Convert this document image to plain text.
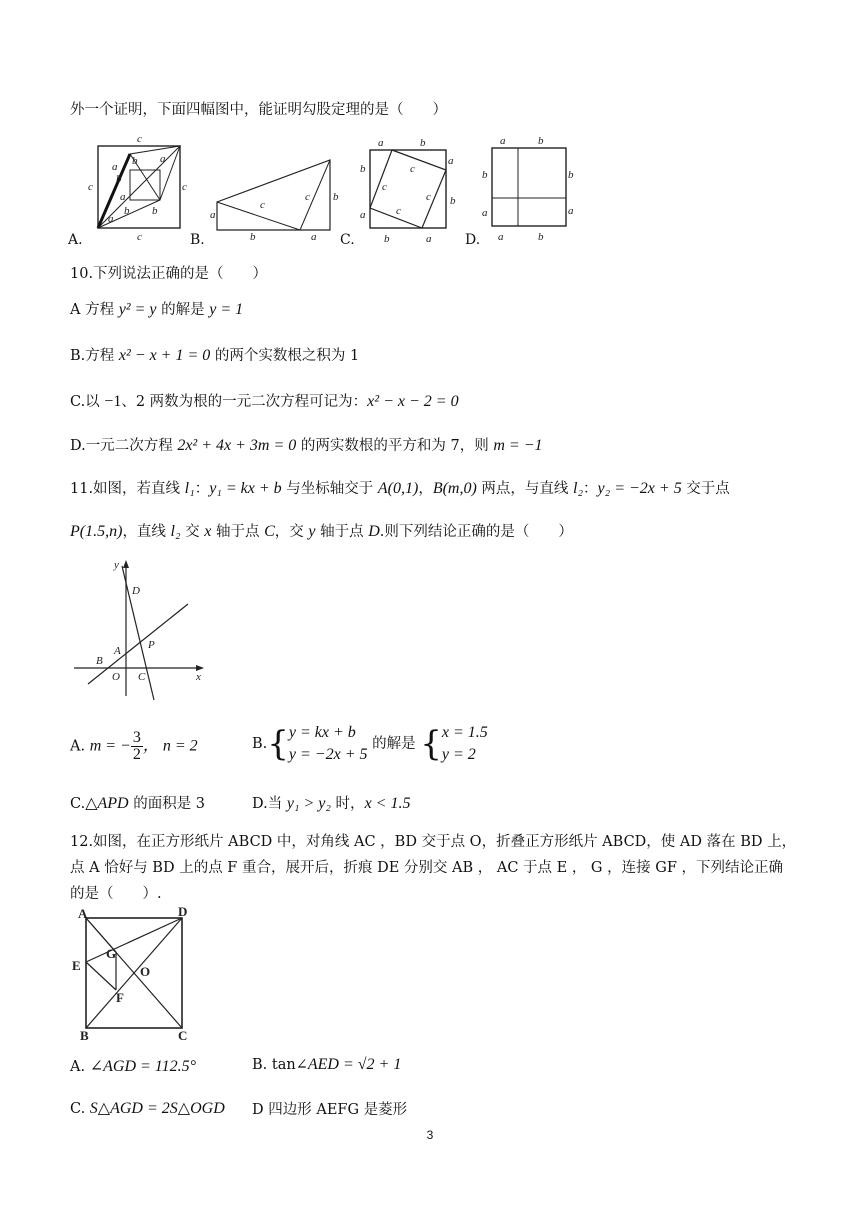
外一个证明，下面四幅图中，能证明勾股定理的是（　　）
A.
c
c	c
c
a b a
b
a
b
a
b
B.
a
c
c b
b	a C.
a	b
a
b
b
a
b	a
c
c
c
c
D.
a	b
b	b
a	a
a	b
10.下列说法正确的是（　　）
A 方程 y² = y 的解是 y = 1
B.方程 x² − x + 1 = 0 的两个实数根之积为 1
C.以 −1、2 两数为根的一元二次方程可记为：x² − x − 2 = 0
D.一元二次方程 2x² + 4x + 3m = 0 的两实数根的平方和为 7，则 m = −1
11.如图，若直线 l₁：y₁ = kx + b 与坐标轴交于 A(0,1)，B(m,0) 两点，与直线 l₂：y₂ = −2x + 5 交于点
P(1.5,n)，直线 l₂ 交 x 轴于点 C，交 y 轴于点 D.则下列结论正确的是（　　）
y
x
D
A P
B
O C
A. m = − $\frac{3}{2}$ ， n = 2	B.{ y = kx + b
y = −2x + 5
的解是 { x = 1.5
y = 2
C.△APD 的面积是 3	D.当 y₁ > y₂ 时，x < 1.5
12.如图，在正方形纸片 ABCD 中，对角线 AC ，BD 交于点 O，折叠正方形纸片 ABCD，使 AD 落在 BD 上，
点 A 恰好与 BD 上的点 F 重合，展开后，折痕 DE 分别交 AB ， AC 于点 E ， G ，连接 GF ，下列结论正确
的是（　　）.
A	D
E
G
O
F
B	C
A. ∠AGD = 112.5°	B. tan∠AED = √2 + 1
C. S△AGD = 2S△OGD D 四边形 AEFG 是菱形
3
